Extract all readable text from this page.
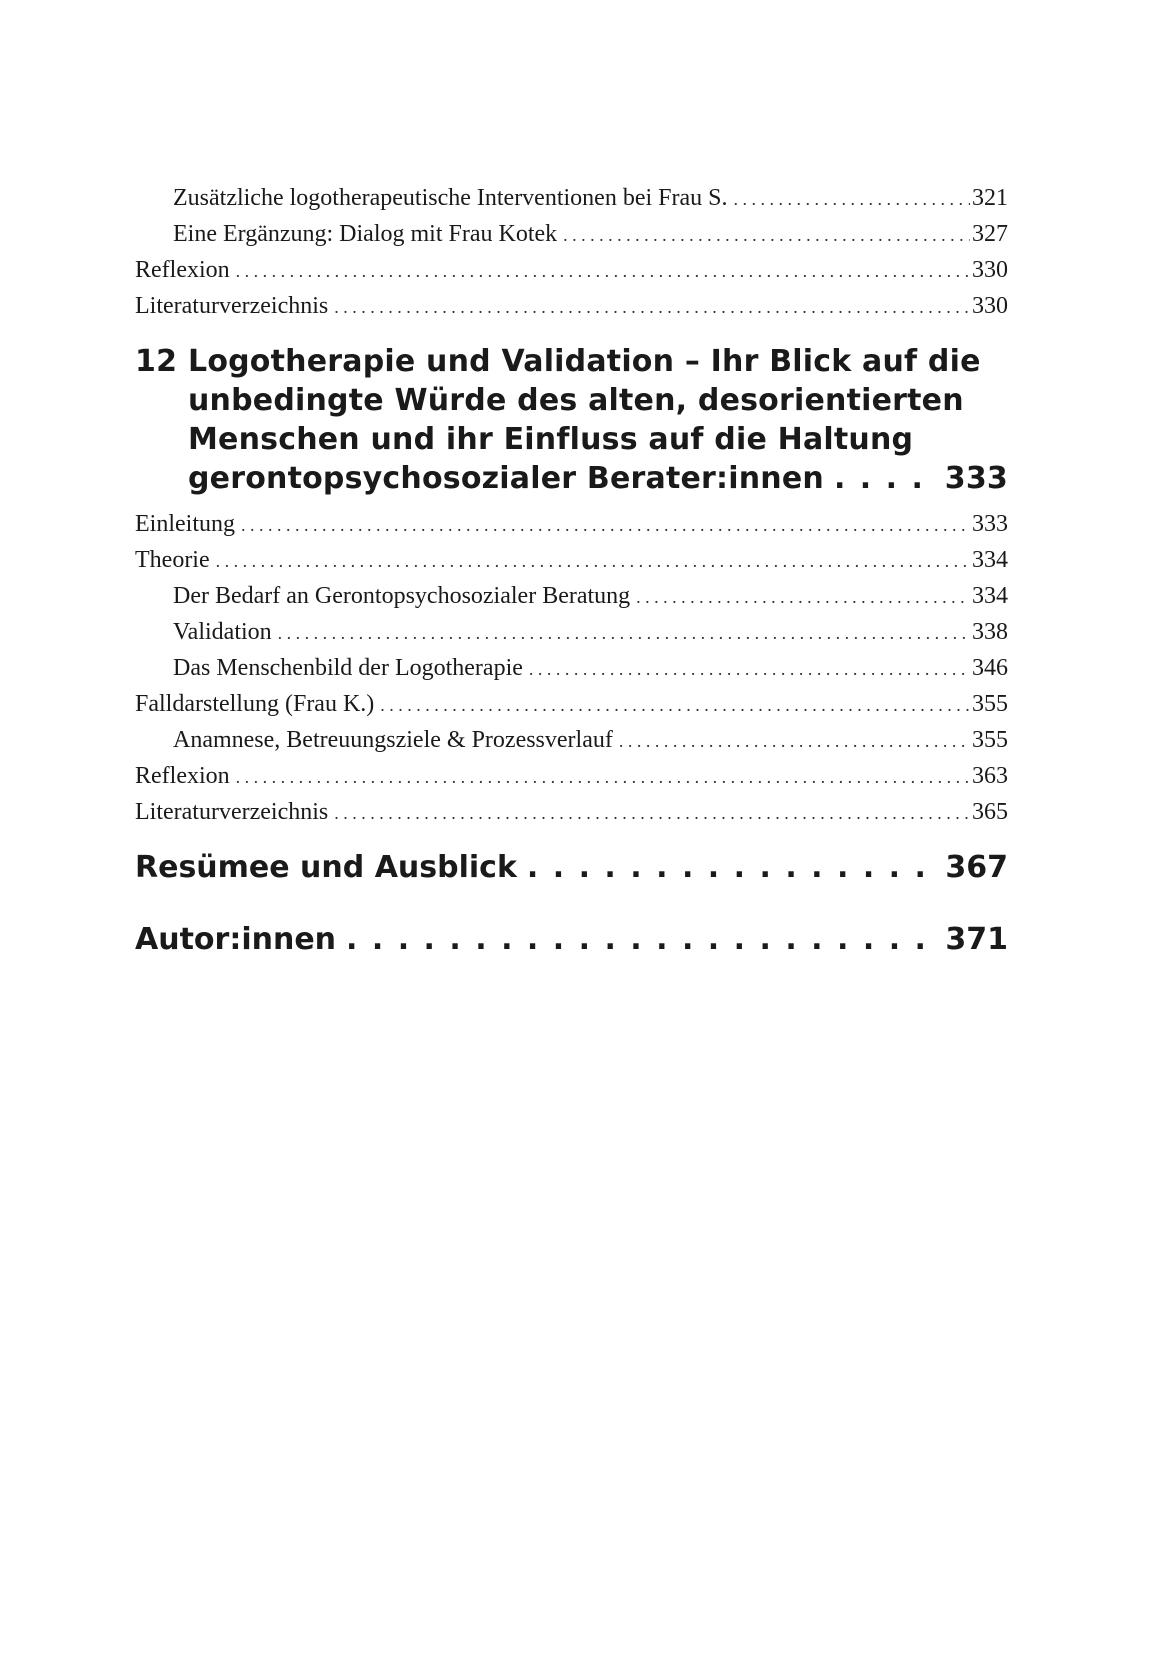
Zusätzliche logotherapeutische Interventionen bei Frau S. . . .	321
Eine Ergänzung: Dialog mit Frau Kotek . . .	327
Reflexion . . .	330
Literaturverzeichnis . . .	330
12 Logotherapie und Validation – Ihr Blick auf die
unbedingte Würde des alten, desorientierten
Menschen und ihr Einfluss auf die Haltung
gerontopsychosozialer Berater:innen . . .	333
Einleitung . . .	333
Theorie . . .	334
Der Bedarf an Gerontopsychosozialer Beratung . . .	334
Validation . . .	338
Das Menschenbild der Logotherapie . . .	346
Falldarstellung (Frau K.) . . .	355
Anamnese, Betreuungsziele & Prozessverlauf . . .	355
Reflexion . . .	363
Literaturverzeichnis . . .	365
Resümee und Ausblick . . .	367
Autor:innen . . .	371
